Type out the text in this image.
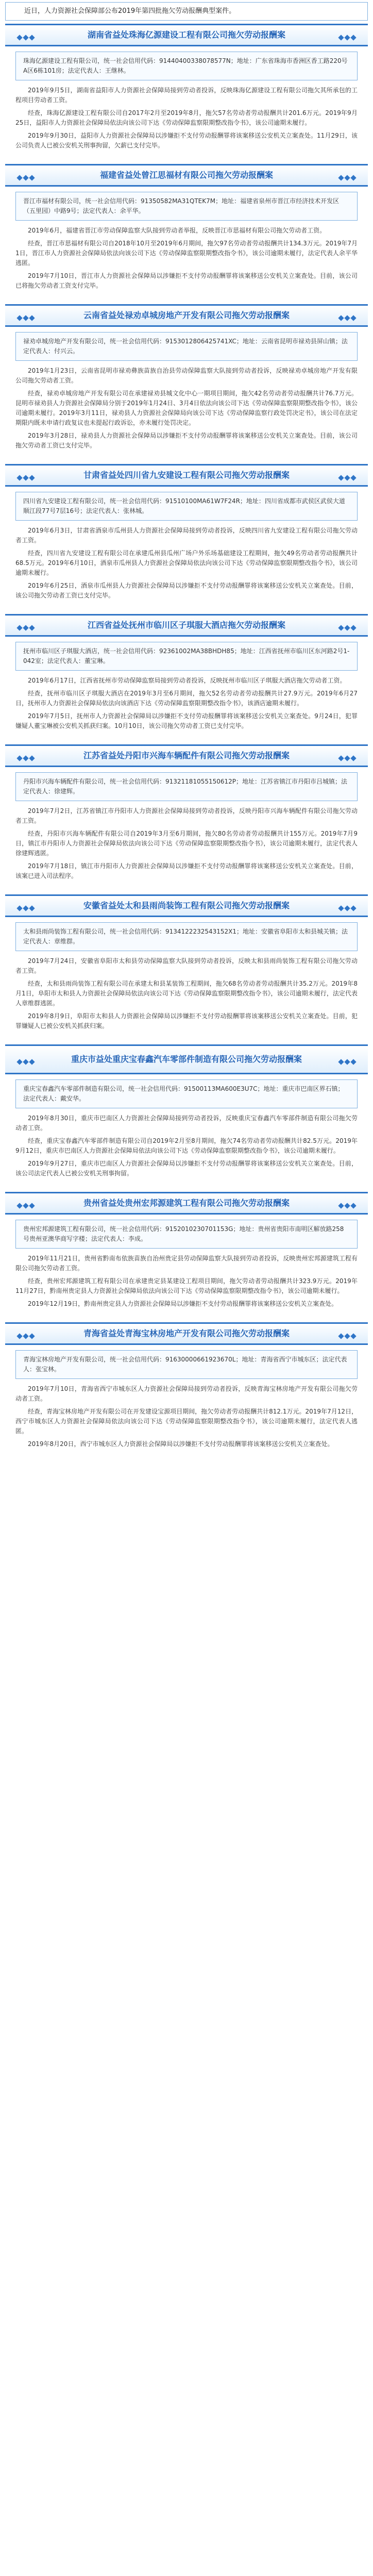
近日，人力资源社会保障部公布2019年第四批拖欠劳动报酬典型案件。
湖南省益处珠海亿源建设工程有限公司拖欠劳动报酬案
珠海亿源建设工程有限公司，统一社会信用代码：914404003380785​77N；地址：广东省珠海市香洲区香工路220号A区6栋101房；法定代表人：王继林。

2019年9月5日，湖南省益阳市人力资源社会保障局接到劳动者投诉，反映珠海亿源建设工程有限公司拖欠其所承包的工程项目劳动者工资。

经查，珠海亿源建设工程有限公司自2017年2月至2019年8月，拖欠57名劳动者劳动报酬共计201.6万元。2019年9月25日，益阳市人力资源社会保障局依法向该公司下达《劳动保障监察限期整改指令书》，该公司逾期未履行。

2019年9月30日，益阳市人力资源社会保障局以涉嫌拒不支付劳动报酬罪将该案移送公安机关立案查处。11月29日，该公司负责人已被公安机关刑事拘留，欠薪已支付完毕。

福建省益处曾江思福材有限公司拖欠劳动报酬案
晋江市福材有限公司，统一社会信用代码：9135058​2MA31QTEK7M；地址：福建省泉州市晋江市经济技术开发区（五里园）中路9号；法定代表人：余平华。

2019年6月，福建省晋江市劳动保障监察大队接到劳动者举报，反映晋江市思福材有限公司拖欠劳动者工资。

经查，晋江市思福材有限公司自2018年10月至2019年6月期间，拖欠97名劳动者劳动报酬共计134.3万元。2019年7月1日，晋江市人力资源社会保障局依法向该公司下达《劳动保障监察限期整改指令书》，该公司逾期未履行，法定代表人余平华逃匿。

2019年7月10日，晋江市人力资源社会保障局以涉嫌拒不支付劳动报酬罪将该案移送公安机关立案查处。目前，该公司已将拖欠劳动者工资支付完毕。

云南省益处禄劝卓城房地产开发有限公司拖欠劳动报酬案
禄劝卓城房地产开发有限公司，统一社会信用代码：91530128​0642574​1XC；地址：云南省昆明市禄劝县屏山镇；法定代表人：付兴云。

2019年1月23日，云南省昆明市禄劝彝族苗族自治县劳动保障监察大队接到劳动者投诉，反映禄劝卓城房地产开发有限公司拖欠劳动者工资。

经查，禄劝卓城房地产开发有限公司在承建禄劝县城文化中心一期项目期间，拖欠42名劳动者劳动报酬共计76.7万元。昆明市禄劝县人力资源社会保障局分别于2019年1月24日、3月4日依法向该公司下达《劳动保障监察限期整改指令书》，该公司逾期未履行。2019年3月11日，禄劝县人力资源社会保障局向该公司下达《劳动保障监察行政处罚决定书》，该公司在法定期限内既未申请行政复议也未提起行政诉讼，亦未履行处罚决定。

2019年3月28日，禄劝县人力资源社会保障局以涉嫌拒不支付劳动报酬罪将该案移送公安机关立案查处。目前，该公司拖欠劳动者工资已支付完毕。

甘肃省益处四川省九安建设工程有限公司拖欠劳动报酬案
四川省九安建设工程有限公司，统一社会信用代码：91510100MA61W7F24R；地址：四川省成都市武侯区武侯大道顺江段77号7层16号；法定代表人：张林城。

2019年6月3日，甘肃省酒泉市瓜州县人力资源社会保障局接到劳动者投诉，反映四川省九安建设工程有限公司拖欠劳动者工资。

经查，四川省九安建设工程有限公司在承建瓜州县瓜州广场户外乐场基础建设工程期间，拖欠49名劳动者劳动报酬共计68.5万元。2019年6月10日，酒泉市瓜州县人力资源社会保障局依法向该公司下达《劳动保障监察限期整改指令书》，该公司逾期未履行。

2019年6月25日，酒泉市瓜州县人力资源社会保障局以涉嫌拒不支付劳动报酬罪将该案移送公安机关立案查处。目前，该公司拖欠劳动者工资已支付完毕。

江西省益处抚州市临川区子琪服大酒店拖欠劳动报酬案
抚州市临川区子琪服大酒店，统一社会信用代码：92361002MA38BHDH85；地址：江西省抚州市临川区东河路2号1-042室；法定代表人：董宝琳。

2019年6月17日，江西省抚州市劳动保障监察局接到劳动者投诉，反映抚州市临川区子琪服大酒店拖欠劳动者工资。

经查，抚州市临川区子琪服大酒店在2019年3月至6月期间，拖欠52名劳动者劳动报酬共计27.9万元。2019年6月27日，抚州市人力资源社会保障局依法向该酒店下达《劳动保障监察限期整改指令书》，该酒店逾期未履行。

2019年7月5日，抚州市人力资源社会保障局以涉嫌拒不支付劳动报酬罪将该案移送公安机关立案查处。9月24日，犯罪嫌疑人董宝琳被公安机关抓获归案。10月10日，该公司拖欠劳动者工资已支付完毕。

江苏省益处丹阳市兴海车辆配件有限公司拖欠劳动报酬案
丹阳市兴海车辆配件有限公司，统一社会信用代码：91321181055150612P；地址：江苏省镇江市丹阳市吕城镇；法定代表人：徐建辉。

2019年7月2日，江苏省镇江市丹阳市人力资源社会保障局接到劳动者投诉，反映丹阳市兴海车辆配件有限公司拖欠劳动者工资。

经查，丹阳市兴海车辆配件有限公司自2019年3月至6月期间，拖欠80名劳动者劳动报酬共计155万元。2019年7月9日，镇江市丹阳市人力资源社会保障局依法向该公司下达《劳动保障监察限期整改指令书》，该公司逾期未履行，法定代表人徐建辉逃匿。

2019年7月18日，镇江市丹阳市人力资源社会保障局以涉嫌拒不支付劳动报酬罪将该案移送公安机关立案查处。目前，该案已进入司法程序。

安徽省益处太和县雨尚装饰工程有限公司拖欠劳动报酬案
太和县雨尚装饰工程有限公司，统一社会信用代码：91341222325431​52X1；地址：安徽省阜阳市太和县城关镇；法定代表人：章维群。

2019年7月24日，安徽省阜阳市太和县劳动保障监察大队接到劳动者投诉，反映太和县雨尚装饰工程有限公司拖欠劳动者工资。

经查，太和县雨尚装饰工程有限公司在承建太和县某装饰工程期间，拖欠68名劳动者劳动报酬共计35.2万元。2019年8月1日，阜阳市太和县人力资源社会保障局依法向该公司下达《劳动保障监察限期整改指令书》，该公司逾期未履行，法定代表人章维群逃匿。

2019年8月9日，阜阳市太和县人力资源社会保障局以涉嫌拒不支付劳动报酬罪将该案移送公安机关立案查处。目前，犯罪嫌疑人已被公安机关抓获归案。

重庆市益处重庆宝春鑫汽车零部件制造有限公司拖欠劳动报酬案
重庆宝春鑫汽车零部件制造有限公司，统一社会信用代码：91500113MA600E3U7C；地址：重庆市巴南区界石镇；法定代表人：戴安华。

2019年8月30日，重庆市巴南区人力资源社会保障局接到劳动者投诉，反映重庆宝春鑫汽车零部件制造有限公司拖欠劳动者工资。

经查，重庆宝春鑫汽车零部件制造有限公司自2019年2月至8月期间，拖欠74名劳动者劳动报酬共计82.5万元。2019年9月12日，重庆市巴南区人力资源社会保障局依法向该公司下达《劳动保障监察限期整改指令书》，该公司逾期未履行。

2019年9月27日，重庆市巴南区人力资源社会保障局以涉嫌拒不支付劳动报酬罪将该案移送公安机关立案查处。目前，该公司法定代表人已被公安机关刑事拘留。

贵州省益处贵州宏邦源建筑工程有限公司拖欠劳动报酬案
贵州宏邦源建筑工程有限公司，统一社会信用代码：91520102307011​53G；地址：贵州省贵阳市南明区解放路258号贵州亚澳华商写字楼；法定代表人：李成。

2019年11月21日，贵州省黔南布依族苗族自治州贵定县劳动保障监察大队接到劳动者投诉，反映贵州宏邦源建筑工程有限公司拖欠劳动者工资。

经查，贵州宏邦源建筑工程有限公司在承建贵定县某建设工程项目期间，拖欠劳动者劳动报酬共计323.9万元。2019年11月27日，黔南州贵定县人力资源社会保障局依法向该公司下达《劳动保障监察限期整改指令书》，该公司逾期未履行。

2019年12月19日，黔南州贵定县人力资源社会保障局以涉嫌拒不支付劳动报酬罪将该案移送公安机关立案查处。

青海省益处青海宝林房地产开发有限公司拖欠劳动报酬案
青海宝林房地产开发有限公司，统一社会信用代码：91630000661923670L；地址：青海省西宁市城东区；法定代表人：张宝林。

2019年7月10日，青海省西宁市城东区人力资源社会保障局接到劳动者投诉，反映青海宝林房地产开发有限公司拖欠劳动者工资。

经查，青海宝林房地产开发有限公司在开发建设宝源项目期间，拖欠劳动者劳动报酬共计812.1万元。2019年7月12日，西宁市城东区人力资源社会保障局依法向该公司下达《劳动保障监察限期整改指令书》，该公司逾期未履行，法定代表人逃匿。

2019年8月20日，西宁市城东区人力资源社会保障局以涉嫌拒不支付劳动报酬罪将该案移送公安机关立案查处。
